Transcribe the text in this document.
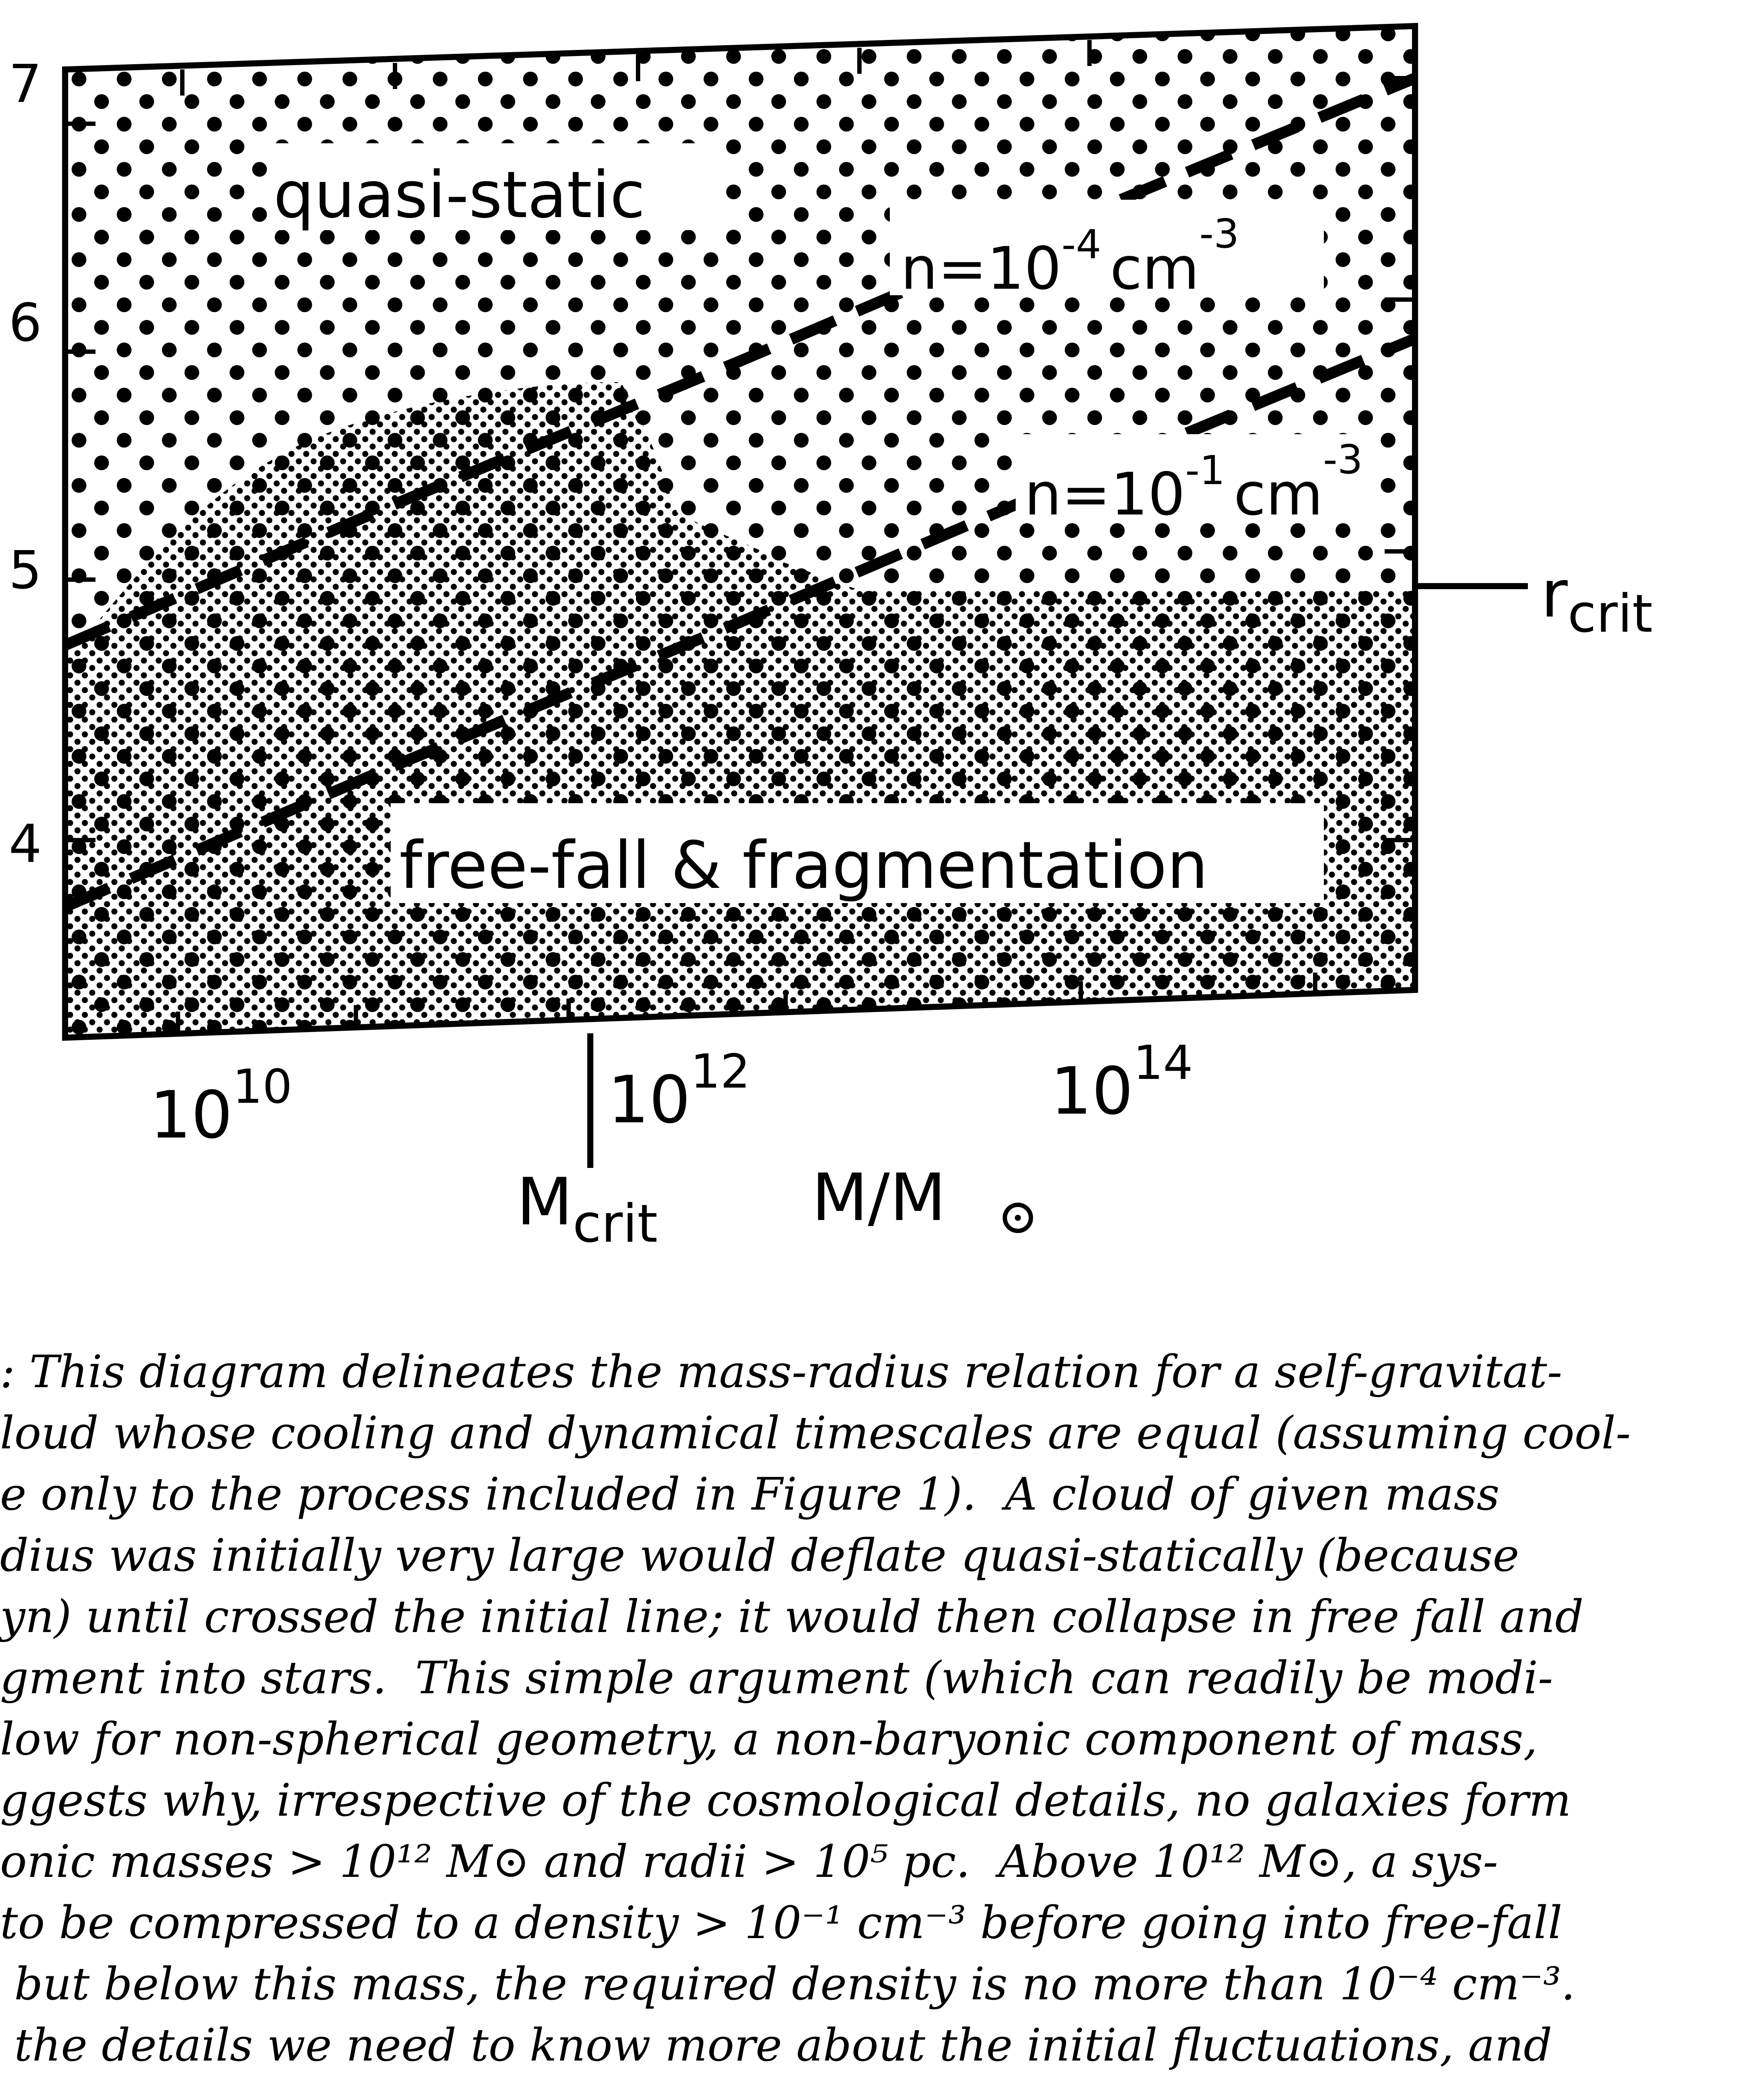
quasi-static
$n=10^{-4}$ $cm^{-3}$
$n=10^{-1}$ $cm^{-3}$
free-fall & fragmentation
7
6
5
4
$r_{crit}$
$M_{crit}$
$10^{10}$	$10^{12}$	$10^{14}$
M/M
: This diagram delineates the mass-radius relation for a self-gravitat-
loud whose cooling and dynamical timescales are equal (assuming cool-
e only to the process included in Figure 1).  A cloud of given mass
dius was initially very large would deflate quasi-statically (because
yn) until crossed the initial line; it would then collapse in free fall and
gment into stars.  This simple argument (which can readily be modi-
low for non-spherical geometry, a non-baryonic component of mass,
ggests why, irrespective of the cosmological details, no galaxies form
onic masses > 10¹² M⊙ and radii > 10⁵ pc.  Above 10¹² M⊙, a sys-
to be compressed to a density > 10⁻¹ cm⁻³ before going into free-fall
but below this mass, the required density is no more than 10⁻⁴ cm⁻³.
the details we need to know more about the initial fluctuations, and
